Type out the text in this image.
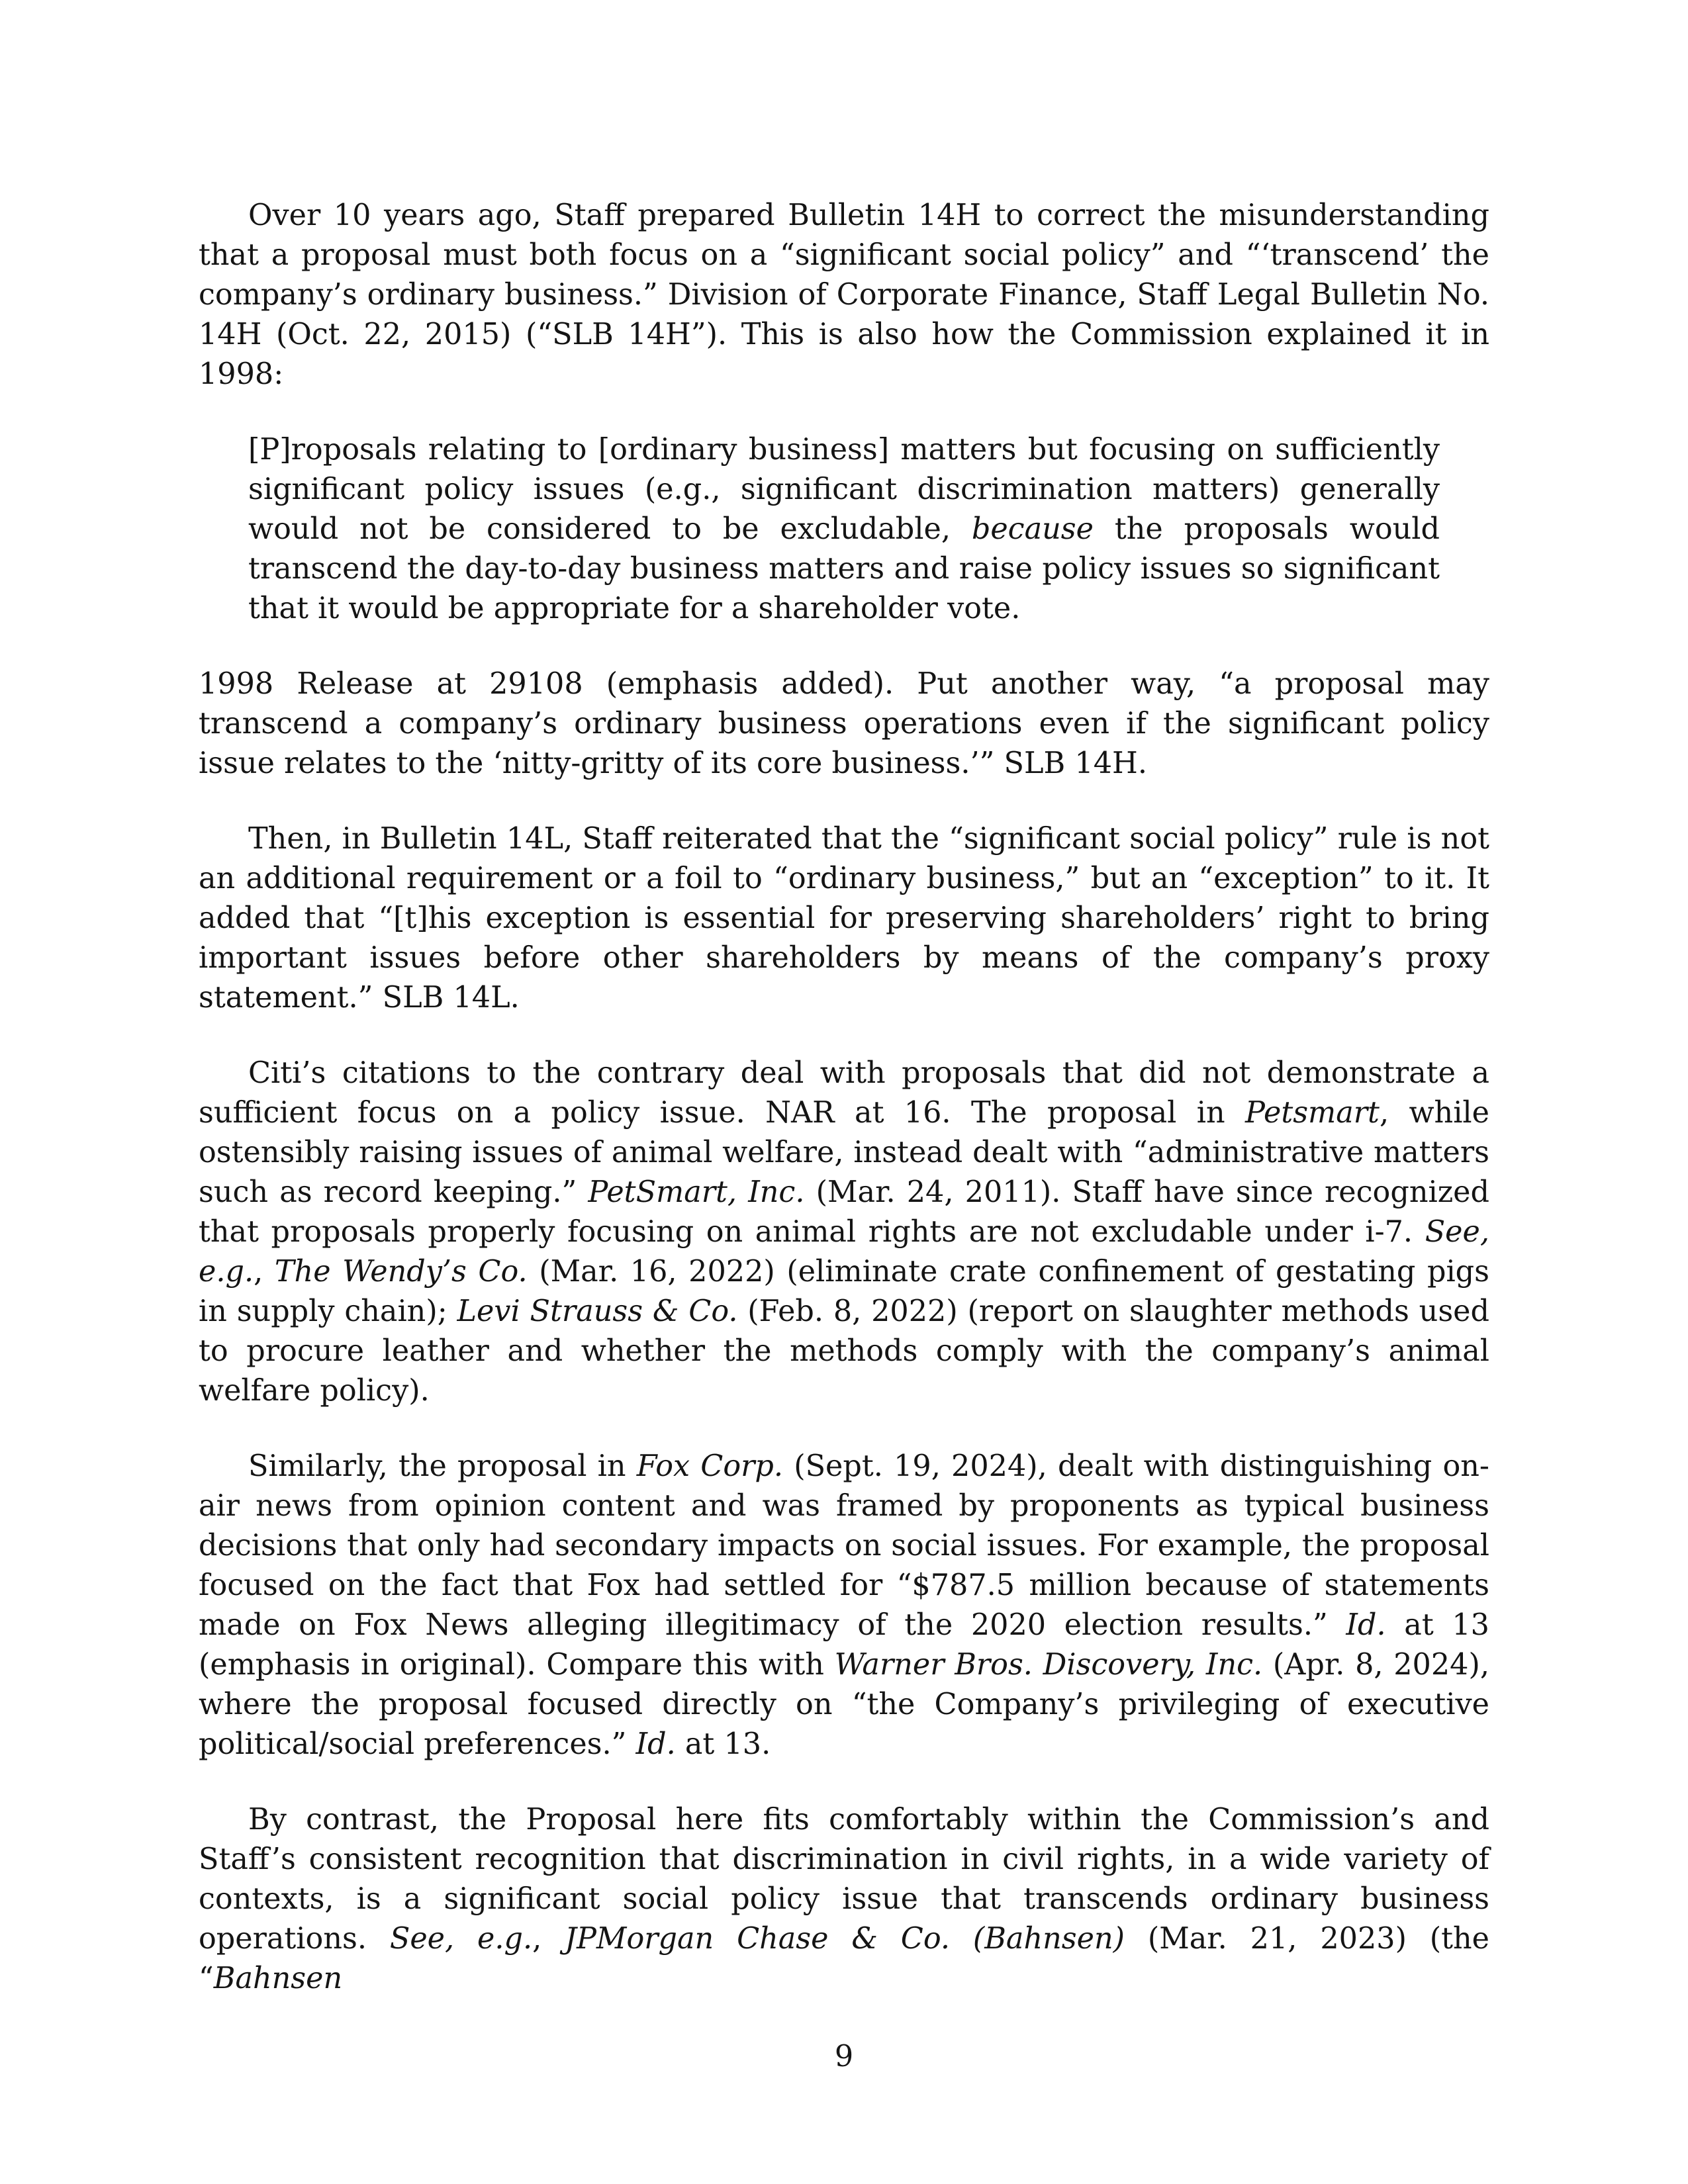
Over 10 years ago, Staff prepared Bulletin 14H to correct the misunderstanding that a proposal must both focus on a “significant social policy” and “‘transcend’ the company’s ordinary business.” Division of Corporate Finance, Staff Legal Bulletin No. 14H (Oct. 22, 2015) (“SLB 14H”). This is also how the Commission explained it in 1998:

[P]roposals relating to [ordinary business] matters but focusing on sufficiently significant policy issues (e.g., significant discrimination matters) generally would not be considered to be excludable, because the proposals would transcend the day-to-day business matters and raise policy issues so significant that it would be appropriate for a shareholder vote.

1998 Release at 29108 (emphasis added). Put another way, “a proposal may transcend a company’s ordinary business operations even if the significant policy issue relates to the ‘nitty-gritty of its core business.’” SLB 14H.

Then, in Bulletin 14L, Staff reiterated that the “significant social policy” rule is not an additional requirement or a foil to “ordinary business,” but an “exception” to it. It added that “[t]his exception is essential for preserving shareholders’ right to bring important issues before other shareholders by means of the company’s proxy statement.” SLB 14L.

Citi’s citations to the contrary deal with proposals that did not demonstrate a sufficient focus on a policy issue. NAR at 16. The proposal in Petsmart, while ostensibly raising issues of animal welfare, instead dealt with “administrative matters such as record keeping.” PetSmart, Inc. (Mar. 24, 2011). Staff have since recognized that proposals properly focusing on animal rights are not excludable under i-7. See, e.g., The Wendy’s Co. (Mar. 16, 2022) (eliminate crate confinement of gestating pigs in supply chain); Levi Strauss & Co. (Feb. 8, 2022) (report on slaughter methods used to procure leather and whether the methods comply with the company’s animal welfare policy).

Similarly, the proposal in Fox Corp. (Sept. 19, 2024), dealt with distinguishing on-air news from opinion content and was framed by proponents as typical business decisions that only had secondary impacts on social issues. For example, the proposal focused on the fact that Fox had settled for “$787.5 million because of statements made on Fox News alleging illegitimacy of the 2020 election results.” Id. at 13 (emphasis in original). Compare this with Warner Bros. Discovery, Inc. (Apr. 8, 2024), where the proposal focused directly on “the Company’s privileging of executive political/social preferences.” Id. at 13.

By contrast, the Proposal here fits comfortably within the Commission’s and Staff’s consistent recognition that discrimination in civil rights, in a wide variety of contexts, is a significant social policy issue that transcends ordinary business operations. See, e.g., JPMorgan Chase & Co. (Bahnsen) (Mar. 21, 2023) (the “Bahnsen

9
